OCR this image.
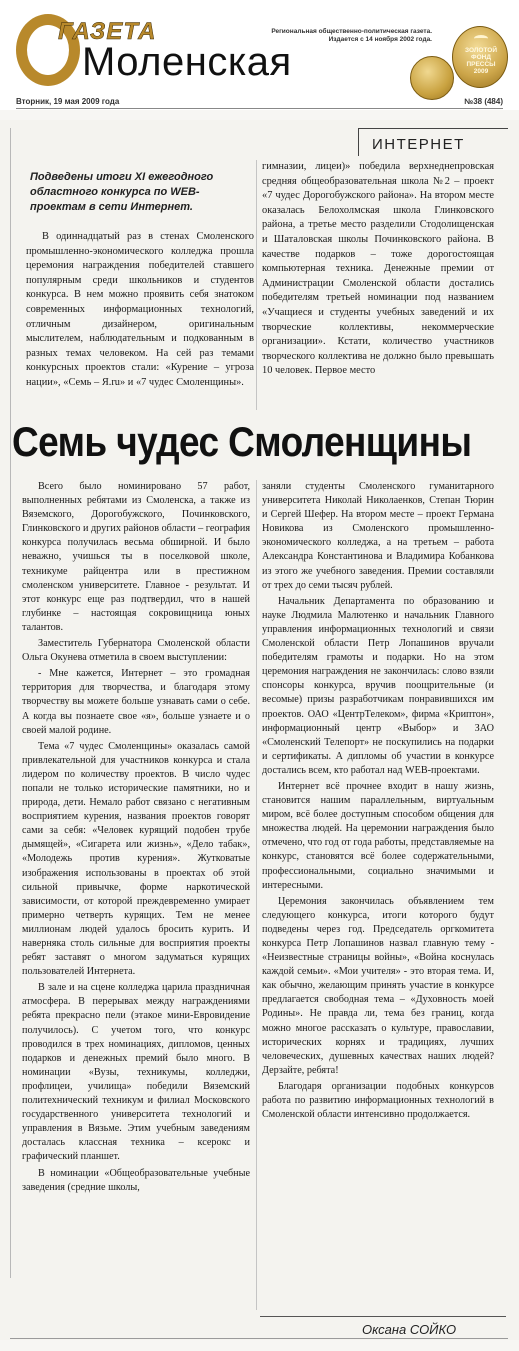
ГАЗЕТА
Моленская
Региональная общественно-политическая газета.
Издается с 14 ноября 2002 года.
ЗОЛОТОЙ ФОНД ПРЕССЫ 2009
Вторник, 19 мая 2009 года	№38 (484)
ИНТЕРНЕТ
Подведены итоги XI ежегодного областного конкурса по WEB-проектам в сети Интернет.

В одиннадцатый раз в стенах Смоленского промышленно-экономического колледжа прошла церемония награждения победителей ставшего популярным среди школьников и студентов конкурса. В нем можно проявить себя знатоком современных информационных технологий, отличным дизайнером, оригинальным мыслителем, наблюдательным и подкованным в разных темах человеком. На сей раз темами конкурсных проектов стали: «Курение – угроза нации», «Семь – Я.ru» и «7 чудес Смоленщины».

гимназии, лицеи)» победила верхнеднепровская средняя общеобразовательная школа №2 – проект «7 чудес Дорогобужского района». На втором месте оказалась Белохолмская школа Глинковского района, а третье место разделили Стодолищенская и Шаталовская школы Починковского района. В качестве подарков – тоже дорогостоящая компьютерная техника. Денежные премии от Администрации Смоленской области достались победителям третьей номинации под названием «Учащиеся и студенты учебных заведений и их творческие коллективы, некоммерческие организации». Кстати, количество участников творческого коллектива не должно было превышать 10 человек. Первое место

Семь чудес Смоленщины

Всего было номинировано 57 работ, выполненных ребятами из Смоленска, а также из Вяземского, Дорогобужского, Починковского, Глинковского и других районов области – география конкурса получилась весьма обширной. И было неважно, учишься ты в поселковой школе, техникуме райцентра или в престижном смоленском университете. Главное - результат. И этот конкурс еще раз подтвердил, что в нашей глубинке – настоящая сокровищница юных талантов.

Заместитель Губернатора Смоленской области Ольга Окунева отметила в своем выступлении:

- Мне кажется, Интернет – это громадная территория для творчества, и благодаря этому творчеству вы можете больше узнавать сами о себе. А когда вы познаете свое «я», больше узнаете и о своей малой родине.

Тема «7 чудес Смоленщины» оказалась самой привлекательной для участников конкурса и стала лидером по количеству проектов. В число чудес попали не только исторические памятники, но и природа, дети. Немало работ связано с негативным восприятием курения, названия проектов говорят сами за себя: «Человек курящий подобен трубе дымящей», «Сигарета или жизнь», «Дело табак», «Молодежь против курения». Жутковатые изображения использованы в проектах об этой сильной привычке, форме наркотической зависимости, от которой преждевременно умирает примерно четверть курящих. Тем не менее миллионам людей удалось бросить курить. И наверняка столь сильные для восприятия проекты ребят заставят о многом задуматься курящих пользователей Интернета.

В зале и на сцене колледжа царила праздничная атмосфера. В перерывах между награждениями ребята прекрасно пели (этакое мини-Евровидение получилось). С учетом того, что конкурс проводился в трех номинациях, дипломов, ценных подарков и денежных премий было много. В номинации «Вузы, техникумы, колледжи, профлицеи, училища» победили Вяземский политехнический техникум и филиал Московского государственного университета технологий и управления в Вязьме. Этим учебным заведениям досталась классная техника – ксерокс и графический планшет.

В номинации «Общеобразовательные учебные заведения (средние школы,

заняли студенты Смоленского гуманитарного университета Николай Николаенков, Степан Тюрин и Сергей Шефер. На втором месте – проект Германа Новикова из Смоленского промышленно-экономического колледжа, а на третьем – работа Александра Константинова и Владимира Кобанкова из этого же учебного заведения. Премии составляли от трех до семи тысяч рублей.

Начальник Департамента по образованию и науке Людмила Малютенко и начальник Главного управления информационных технологий и связи Смоленской области Петр Лопашинов вручали победителям грамоты и подарки. Но на этом церемония награждения не закончилась: слово взяли спонсоры конкурса, вручив поощрительные (и весомые) призы разработчикам понравившихся им проектов. ОАО «ЦентрТелеком», фирма «Криптон», информационный центр «Выбор» и ЗАО «Смоленский Телепорт» не поскупились на подарки и сертификаты. А дипломы об участии в конкурсе достались всем, кто работал над WEB-проектами.

Интернет всё прочнее входит в нашу жизнь, становится нашим параллельным, виртуальным миром, всё более доступным способом общения для множества людей. На церемонии награждения было отмечено, что год от года работы, представляемые на конкурс, становятся всё более содержательными, профессиональными, социально значимыми и интересными.

Церемония закончилась объявлением тем следующего конкурса, итоги которого будут подведены через год. Председатель оргкомитета конкурса Петр Лопашинов назвал главную тему - «Неизвестные страницы войны», «Война коснулась каждой семьи». «Мои учителя» - это вторая тема. И, как обычно, желающим принять участие в конкурсе предлагается свободная тема – «Духовность моей Родины». Не правда ли, тема без границ, когда можно многое рассказать о культуре, православии, исторических корнях и традициях, лучших человеческих, душевных качествах наших людей? Дерзайте, ребята!

Благодаря организации подобных конкурсов работа по развитию информационных технологий в Смоленской области интенсивно продолжается.

Оксана СОЙКО
